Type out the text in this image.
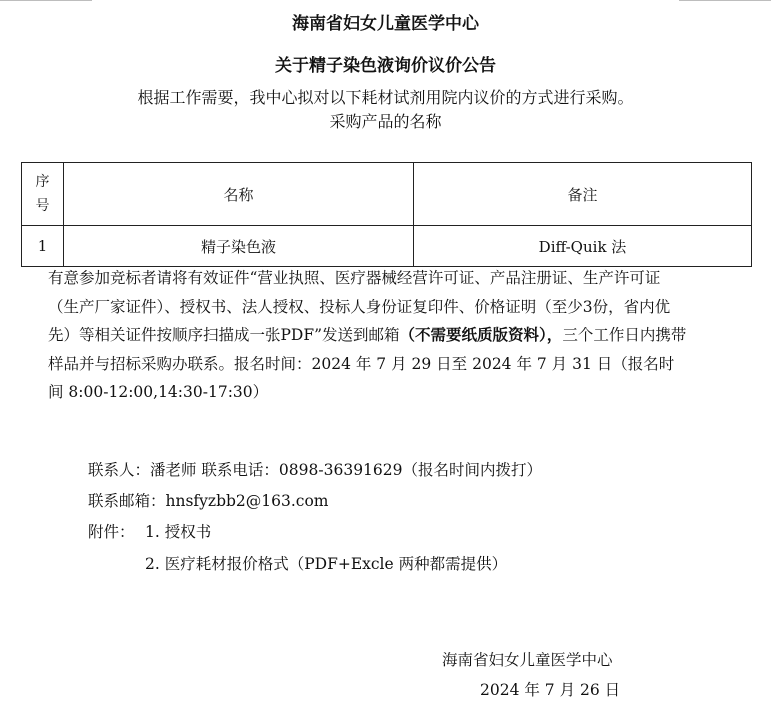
海南省妇女儿童医学中心
关于精子染色液询价议价公告
根据工作需要，我中心拟对以下耗材试剂用院内议价的方式进行采购。
采购产品的名称
序
号	名称	备注
1	精子染色液	Diff-Quik 法
有意参加竞标者请将有效证件“营业执照、医疗器械经营许可证、产品注册证、生产许可证（生产厂家证件）、授权书、法人授权、投标人身份证复印件、价格证明（至少3份，省内优先）等相关证件按顺序扫描成一张PDF”发送到邮箱（不需要纸质版资料），三个工作日内携带样品并与招标采购办联系。报名时间：2024 年 7 月 29 日至 2024 年 7 月 31 日（报名时间 8:00-12:00,14:30-17:30）
联系人：潘老师 联系电话：0898-36391629（报名时间内拨打）
联系邮箱：hnsfyzbb2@163.com
附件： 1. 授权书
2. 医疗耗材报价格式（PDF+Excle 两种都需提供）
海南省妇女儿童医学中心
2024 年 7 月 26 日
